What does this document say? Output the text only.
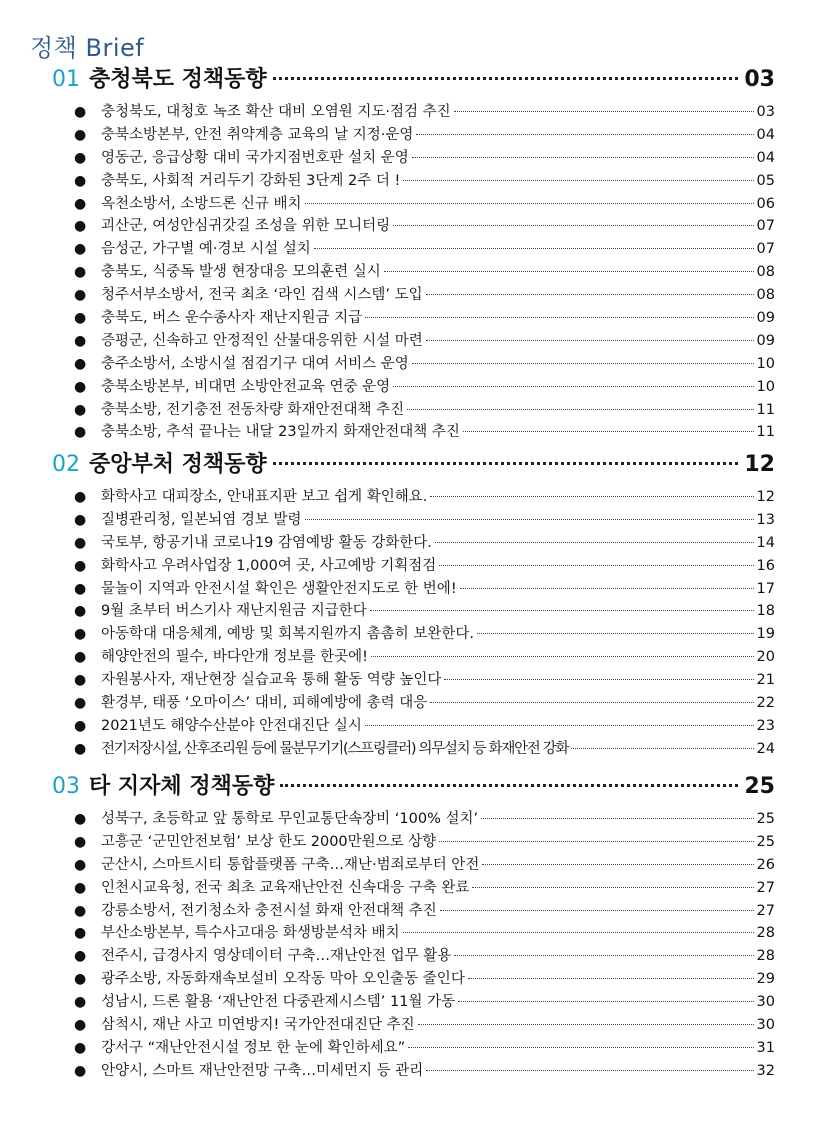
정책 Brief
01 충청북도 정책동향	03
●	충청북도, 대청호 녹조 확산 대비 오염원 지도·점검 추진	03
●	충북소방본부, 안전 취약계층 교육의 날 지정·운영	04
●	영동군, 응급상황 대비 국가지점번호판 설치 운영	04
●	충북도, 사회적 거리두기 강화된 3단계 2주 더 !	05
●	옥천소방서, 소방드론 신규 배치	06
●	괴산군, 여성안심귀갓길 조성을 위한 모니터링	07
●	음성군, 가구별 예·경보 시설 설치	07
●	충북도, 식중독 발생 현장대응 모의훈련 실시	08
●	청주서부소방서, 전국 최초 ‘라인 검색 시스템’ 도입	08
●	충북도, 버스 운수종사자 재난지원금 지급	09
●	증평군, 신속하고 안정적인 산불대응위한 시설 마련	09
●	충주소방서, 소방시설 점검기구 대여 서비스 운영	10
●	충북소방본부, 비대면 소방안전교육 연중 운영	10
●	충북소방, 전기충전 전동차량 화재안전대책 추진	11
●	충북소방, 추석 끝나는 내달 23일까지 화재안전대책 추진	11
02 중앙부처 정책동향	12
●	화학사고 대피장소, 안내표지판 보고 쉽게 확인해요.	12
●	질병관리청, 일본뇌염 경보 발령	13
●	국토부, 항공기내 코로나19 감염예방 활동 강화한다.	14
●	화학사고 우려사업장 1,000여 곳, 사고예방 기획점검	16
●	물놀이 지역과 안전시설 확인은 생활안전지도로 한 번에!	17
●	9월 초부터 버스기사 재난지원금 지급한다	18
●	아동학대 대응체계, 예방 및 회복지원까지 촘촘히 보완한다.	19
●	해양안전의 필수, 바다안개 정보를 한곳에!	20
●	자원봉사자, 재난현장 실습교육 통해 활동 역량 높인다	21
●	환경부, 태풍 ‘오마이스’ 대비, 피해예방에 총력 대응	22
●	2021년도 해양수산분야 안전대진단 실시	23
●	전기저장시설, 산후조리원 등에 물분무기기(스프링클러) 의무설치 등 화재안전 강화	24
03 타 지자체 정책동향	25
●	성북구, 초등학교 앞 통학로 무인교통단속장비 ‘100% 설치’	25
●	고흥군 ‘군민안전보험’ 보상 한도 2000만원으로 상향	25
●	군산시, 스마트시티 통합플랫폼 구축…재난·범죄로부터 안전	26
●	인천시교육청, 전국 최초 교육재난안전 신속대응 구축 완료	27
●	강릉소방서, 전기청소차 충전시설 화재 안전대책 추진	27
●	부산소방본부, 특수사고대응 화생방분석차 배치	28
●	전주시, 급경사지 영상데이터 구축…재난안전 업무 활용	28
●	광주소방, 자동화재속보설비 오작동 막아 오인출동 줄인다	29
●	성남시, 드론 활용 ‘재난안전 다중관제시스템’ 11월 가동	30
●	삼척시, 재난 사고 미연방지! 국가안전대진단 추진	30
●	강서구 “재난안전시설 정보 한 눈에 확인하세요”	31
●	안양시, 스마트 재난안전망 구축…미세먼지 등 관리	32
